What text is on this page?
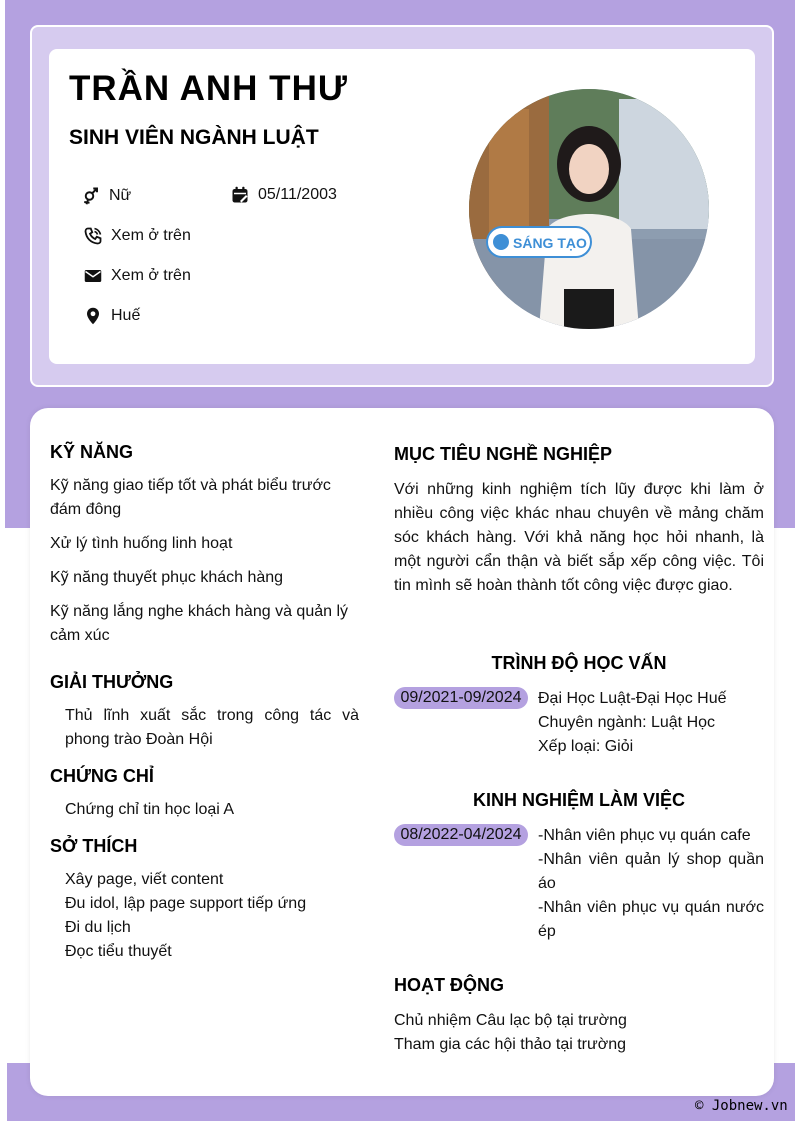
TRẦN ANH THƯ
SINH VIÊN NGÀNH LUẬT
Nữ	05/11/2003
Xem ở trên
Xem ở trên
Huế
SÁNG TẠO
KỸ NĂNG
Kỹ năng giao tiếp tốt và phát biểu trước đám đông
Xử lý tình huống linh hoạt
Kỹ năng thuyết phục khách hàng
Kỹ năng lắng nghe khách hàng và quản lý cảm xúc
GIẢI THƯỞNG
Thủ lĩnh xuất sắc trong công tác và phong trào Đoàn Hội
CHỨNG CHỈ
Chứng chỉ tin học loại A
SỞ THÍCH
Xây page, viết content
Đu idol, lập page support tiếp ứng
Đi du lịch
Đọc tiểu thuyết
MỤC TIÊU NGHỀ NGHIỆP
Với những kinh nghiệm tích lũy được khi làm ở nhiều công việc khác nhau chuyên về mảng chăm sóc khách hàng. Với khả năng học hỏi nhanh, là một người cẩn thận và biết sắp xếp công việc. Tôi tin mình sẽ hoàn thành tốt công việc được giao.
TRÌNH ĐỘ HỌC VẤN
09/2021-09/2024	Đại Học Luật-Đại Học Huế
Chuyên ngành: Luật Học
Xếp loại: Giỏi
KINH NGHIỆM LÀM VIỆC
08/2022-04/2024	-Nhân viên phục vụ quán cafe
-Nhân viên quản lý shop quần áo
-Nhân viên phục vụ quán nước ép
HOẠT ĐỘNG
Chủ nhiệm Câu lạc bộ tại trường
Tham gia các hội thảo tại trường
© Jobnew.vn
